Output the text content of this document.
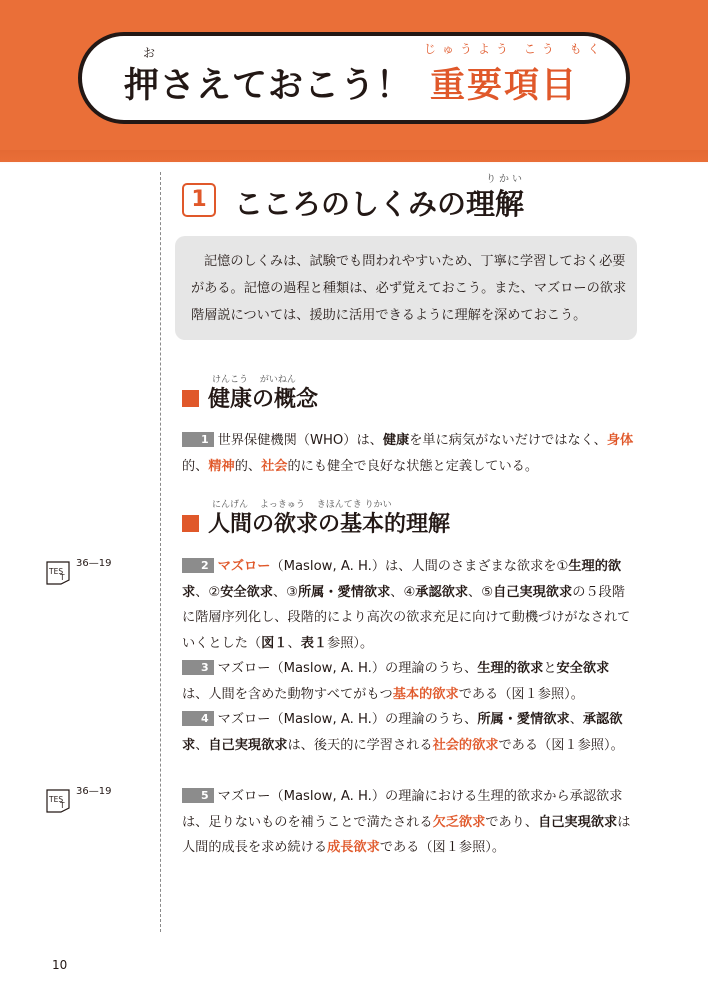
お	じゅうよう こう もく
押さえておこう！ 重要項目
1
りかい
こころのしくみの理解
記憶のしくみは、試験でも問われやすいため、丁寧に学習しておく必要
がある。記憶の過程と種類は、必ず覚えておこう。また、マズローの欲求
階層説については、援助に活用できるように理解を深めておこう。
けんこう　 がいねん
健康の概念
1 世界保健機関（WHO）は、健康を単に病気がないだけではなく、身体的、精神的、社会的にも健全で良好な状態と定義している。
にんげん　 よっきゅう　 きほんてき りかい
人間の欲求の基本的理解
TES
T
36—19
TES
T
36—19
2 マズロー（Maslow, A. H.）は、人間のさまざまな欲求を①生理的欲求、②安全欲求、③所属・愛情欲求、④承認欲求、⑤自己実現欲求の５段階に階層序列化し、段階的により高次の欲求充足に向けて動機づけがなされていくとした（図１、表１参照）。
3 マズロー（Maslow, A. H.）の理論のうち、生理的欲求と安全欲求は、人間を含めた動物すべてがもつ基本的欲求である（図１参照）。
4 マズロー（Maslow, A. H.）の理論のうち、所属・愛情欲求、承認欲求、自己実現欲求は、後天的に学習される社会的欲求である（図１参照）。
5 マズロー（Maslow, A. H.）の理論における生理的欲求から承認欲求は、足りないものを補うことで満たされる欠乏欲求であり、自己実現欲求は人間的成長を求め続ける成長欲求である（図１参照）。
10
